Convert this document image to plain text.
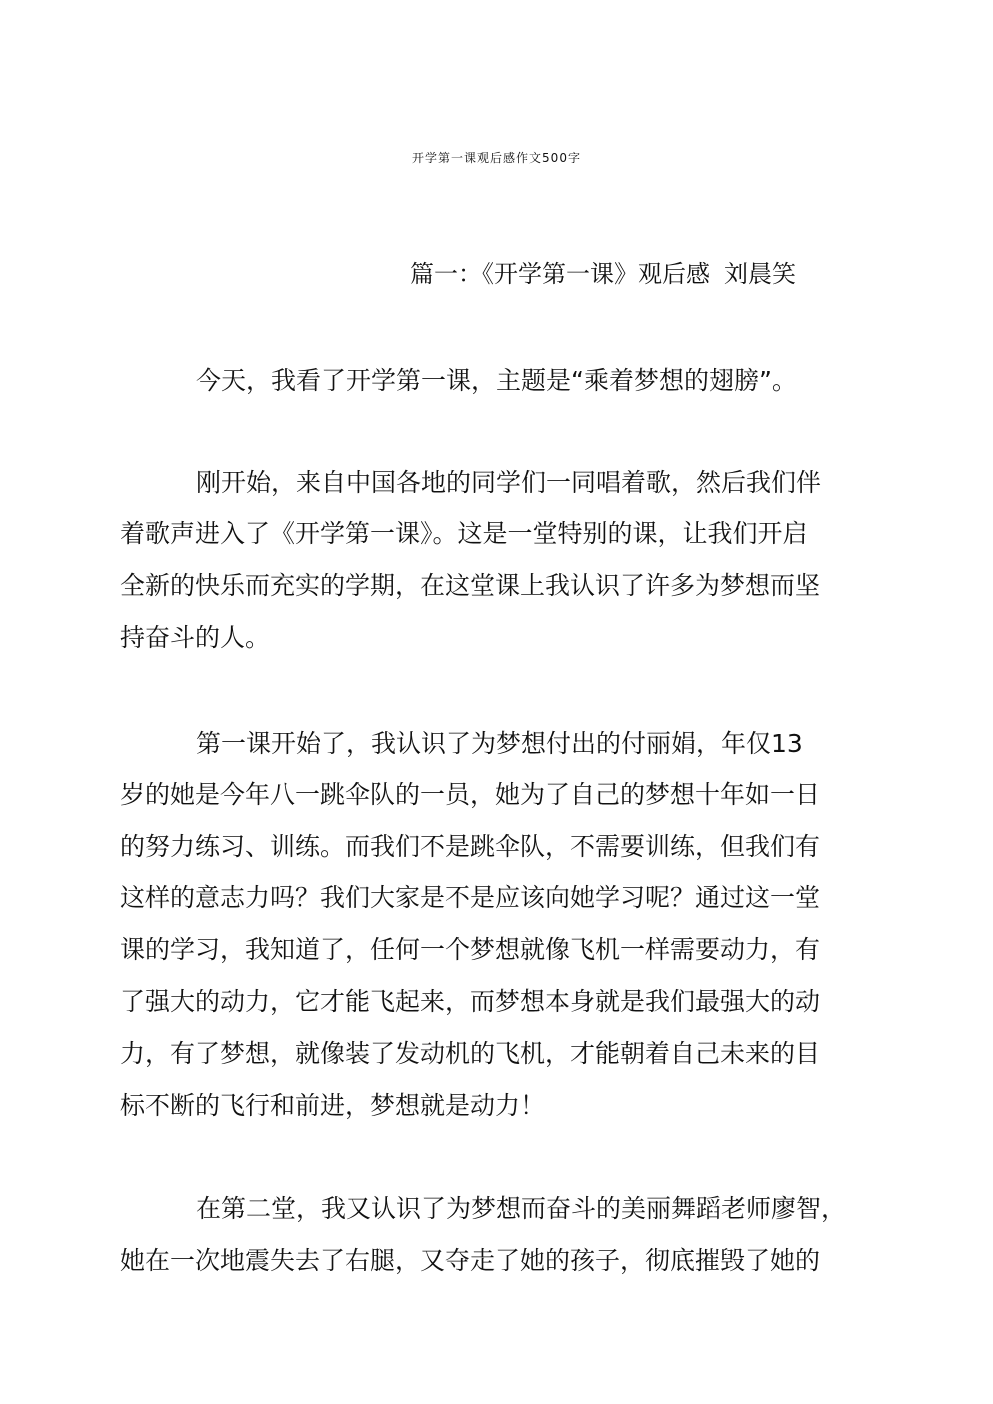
开学第一课观后感作文500字
篇一：《开学第一课》观后感 刘晨笑
今天，我看了开学第一课，主题是“乘着梦想的翅膀”。
刚开始，来自中国各地的同学们一同唱着歌，然后我们伴
着歌声进入了《开学第一课》。这是一堂特别的课，让我们开启
全新的快乐而充实的学期，在这堂课上我认识了许多为梦想而坚
持奋斗的人。
第一课开始了，我认识了为梦想付出的付丽娟，年仅13
岁的她是今年八一跳伞队的一员，她为了自己的梦想十年如一日
的努力练习、训练。而我们不是跳伞队，不需要训练，但我们有
这样的意志力吗？我们大家是不是应该向她学习呢？通过这一堂
课的学习，我知道了，任何一个梦想就像飞机一样需要动力，有
了强大的动力，它才能飞起来，而梦想本身就是我们最强大的动
力，有了梦想，就像装了发动机的飞机，才能朝着自己未来的目
标不断的飞行和前进，梦想就是动力！
在第二堂，我又认识了为梦想而奋斗的美丽舞蹈老师廖智，
她在一次地震失去了右腿，又夺走了她的孩子，彻底摧毁了她的
